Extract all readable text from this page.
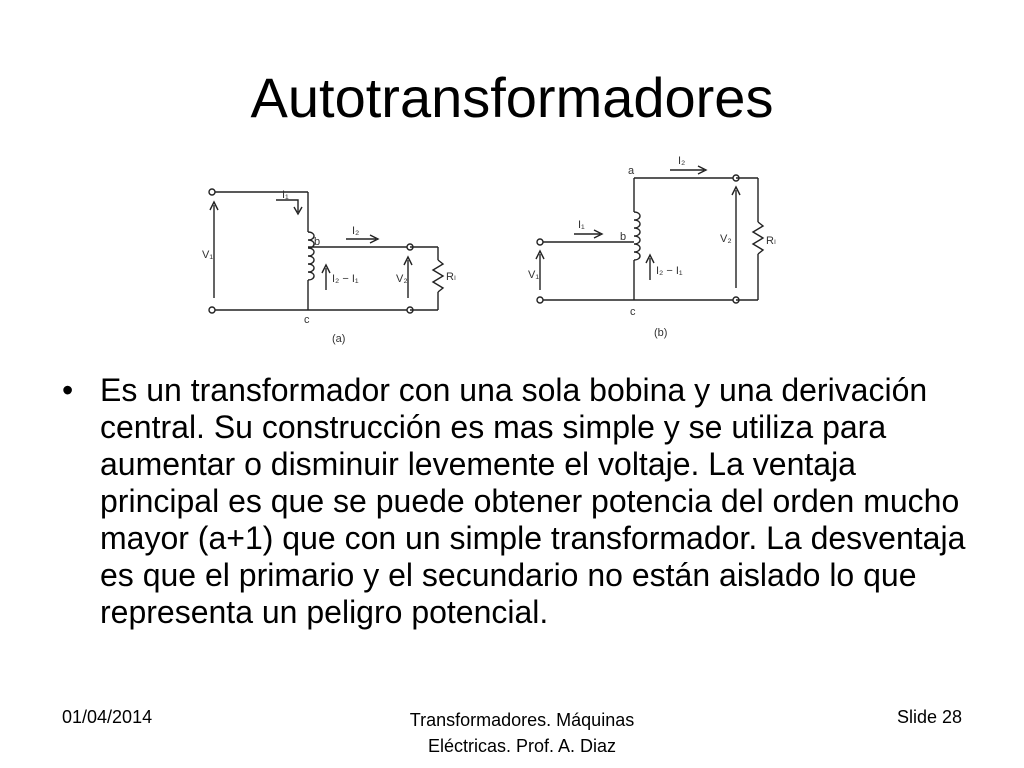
Autotransformadores
I₁
b
c
V₁
V₂
I₂
I₂ − I₁	Rₗ
(a)
a
I₂
I₁
b
c
V₁
V₂
I₂ − I₁
Rₗ
(b)
• Es un transformador con una sola bobina y una derivación central. Su construcción es mas simple y se utiliza para aumentar o disminuir levemente el voltaje. La ventaja principal es que se puede obtener potencia del orden mucho mayor (a+1) que con un simple transformador. La desventaja es que el primario y el secundario no están aislado lo que representa un peligro potencial.
01/04/2014	Transformadores. Máquinas
Eléctricas. Prof. A. Diaz
Slide 28
